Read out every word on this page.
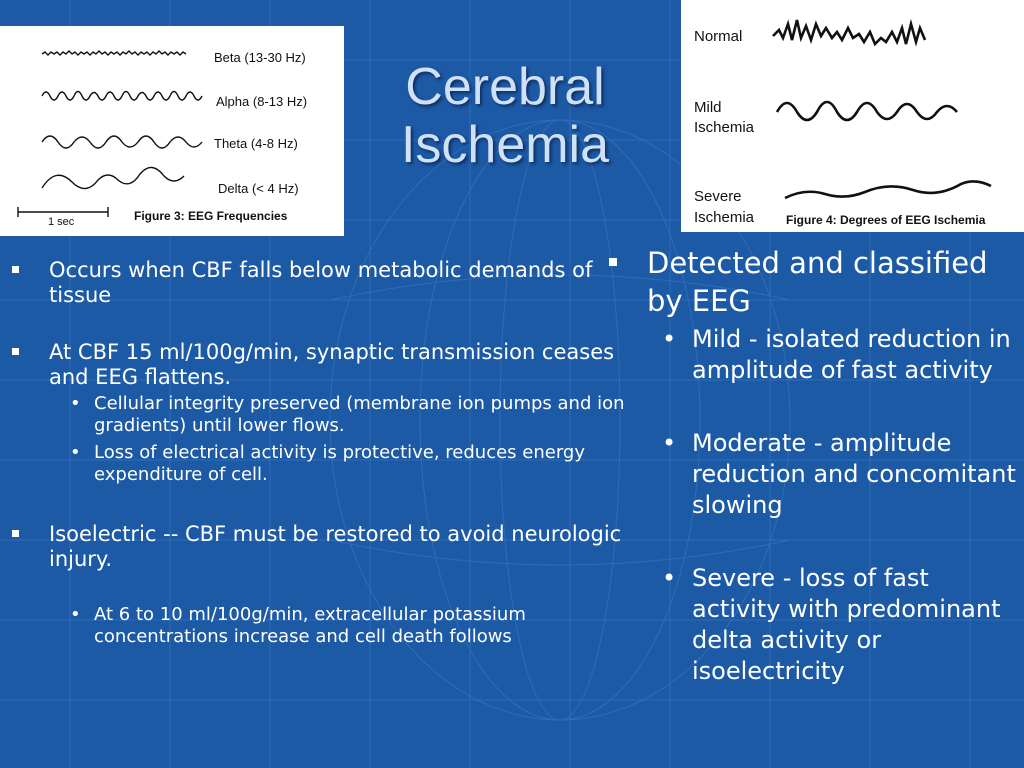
Beta (13-30 Hz)
Alpha (8-13 Hz)
Theta (4-8 Hz)
Delta (< 4 Hz)
1 sec	Figure 3: EEG Frequencies
Normal
Mild
Ischemia
Severe
Ischemia	Figure 4: Degrees of EEG Ischemia
Cerebral
Ischemia
Occurs when CBF falls below metabolic demands of tissue
At CBF 15 ml/100g/min, synaptic transmission ceases and EEG flattens.
• Cellular integrity preserved (membrane ion pumps and ion gradients) until lower flows.
• Loss of electrical activity is protective, reduces energy expenditure of cell.
Isoelectric -- CBF must be restored to avoid neurologic injury.
• At 6 to 10 ml/100g/min, extracellular potassium concentrations increase and cell death follows
Detected and classified by EEG
• Mild - isolated reduction in amplitude of fast activity
• Moderate - amplitude reduction and concomitant slowing
• Severe - loss of fast activity with predominant delta activity or isoelectricity
